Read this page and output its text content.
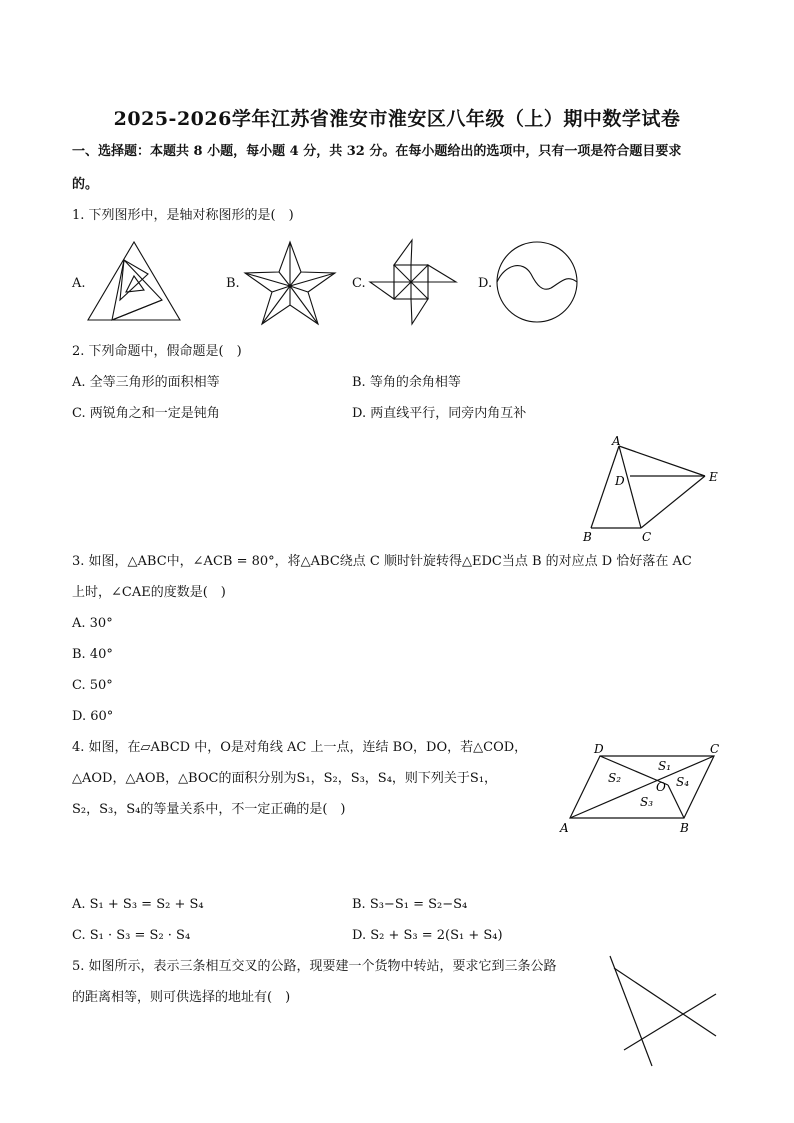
2025-2026学年江苏省淮安市淮安区八年级（上）期中数学试卷
一、选择题：本题共 8 小题，每小题 4 分，共 32 分。在每小题给出的选项中，只有一项是符合题目要求
的。
1. 下列图形中，是轴对称图形的是(　)
A.	B.	C.	D.
2. 下列命题中，假命题是(　)
A. 全等三角形的面积相等	B. 等角的余角相等
C. 两锐角之和一定是钝角	D. 两直线平行，同旁内角互补
A
D	E
B	C
3. 如图，△ABC中，∠ACB = 80°，将△ABC绕点 C 顺时针旋转得△EDC当点 B 的对应点 D 恰好落在 AC
上时，∠CAE的度数是(　)
A. 30°
B. 40°
C. 50°
D. 60°
4. 如图，在▱ABCD 中，O是对角线 AC 上一点，连结 BO，DO，若△COD，
△AOD，△AOB，△BOC的面积分别为S₁，S₂，S₃，S₄，则下列关于S₁，
S₂，S₃，S₄的等量关系中，不一定正确的是(　)
D	C
A	B
O
S₂
S₁
S₄
S₃
A. S₁ + S₃ = S₂ + S₄	B. S₃−S₁ = S₂−S₄
C. S₁ · S₃ = S₂ · S₄	D. S₂ + S₃ = 2(S₁ + S₄)
5. 如图所示，表示三条相互交叉的公路，现要建一个货物中转站，要求它到三条公路
的距离相等，则可供选择的地址有(　)
